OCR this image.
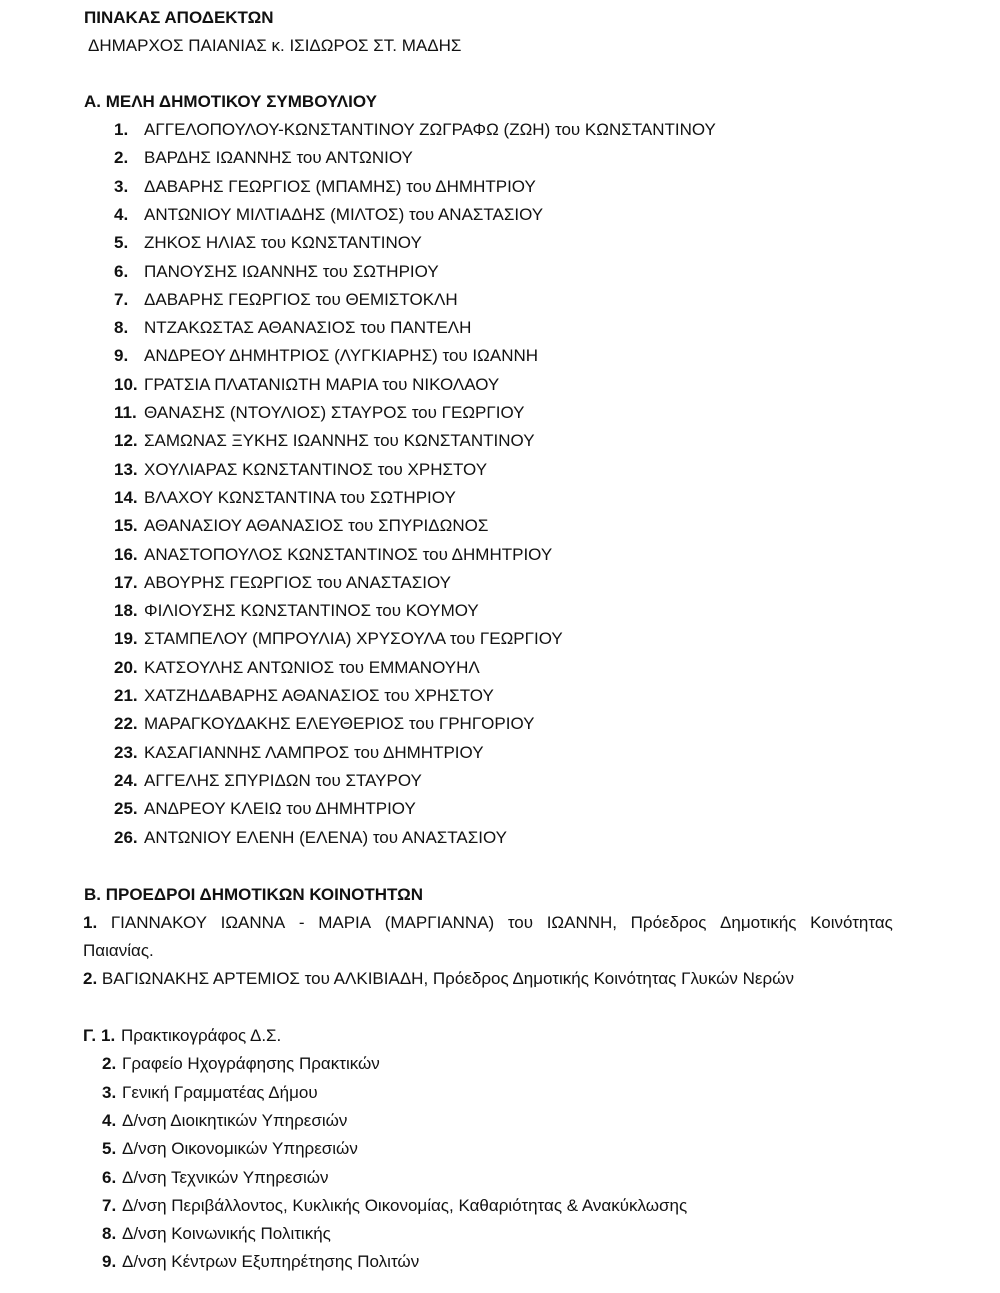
ΠΙΝΑΚΑΣ ΑΠΟΔΕΚΤΩΝ
ΔΗΜΑΡΧΟΣ ΠΑΙΑΝΙΑΣ κ. ΙΣΙΔΩΡΟΣ ΣΤ. ΜΑΔΗΣ
Α. ΜΕΛΗ ΔΗΜΟΤΙΚΟΥ ΣΥΜΒΟΥΛΙΟΥ
1. ΑΓΓΕΛΟΠΟΥΛΟΥ-ΚΩΝΣΤΑΝΤΙΝΟΥ ΖΩΓΡΑΦΩ (ΖΩΗ) του ΚΩΝΣΤΑΝΤΙΝΟΥ
2. ΒΑΡΔΗΣ ΙΩΑΝΝΗΣ του ΑΝΤΩΝΙΟΥ
3. ΔΑΒΑΡΗΣ ΓΕΩΡΓΙΟΣ (ΜΠΑΜΗΣ) του ΔΗΜΗΤΡΙΟΥ
4. ΑΝΤΩΝΙΟΥ ΜΙΛΤΙΑΔΗΣ (ΜΙΛΤΟΣ) του ΑΝΑΣΤΑΣΙΟΥ
5. ΖΗΚΟΣ ΗΛΙΑΣ του ΚΩΝΣΤΑΝΤΙΝΟΥ
6. ΠΑΝΟΥΣΗΣ ΙΩΑΝΝΗΣ του ΣΩΤΗΡΙΟΥ
7. ΔΑΒΑΡΗΣ ΓΕΩΡΓΙΟΣ του ΘΕΜΙΣΤΟΚΛΗ
8. ΝΤΖΑΚΩΣΤΑΣ ΑΘΑΝΑΣΙΟΣ του ΠΑΝΤΕΛΗ
9. ΑΝΔΡΕΟΥ ΔΗΜΗΤΡΙΟΣ (ΛΥΓΚΙΑΡΗΣ) του ΙΩΑΝΝΗ
10. ΓΡΑΤΣΙΑ ΠΛΑΤΑΝΙΩΤΗ ΜΑΡΙΑ του ΝΙΚΟΛΑΟΥ
11. ΘΑΝΑΣΗΣ (ΝΤΟΥΛΙΟΣ) ΣΤΑΥΡΟΣ του ΓΕΩΡΓΙΟΥ
12. ΣΑΜΩΝΑΣ ΞΥΚΗΣ ΙΩΑΝΝΗΣ του ΚΩΝΣΤΑΝΤΙΝΟΥ
13. ΧΟΥΛΙΑΡΑΣ ΚΩΝΣΤΑΝΤΙΝΟΣ του ΧΡΗΣΤΟΥ
14. ΒΛΑΧΟΥ ΚΩΝΣΤΑΝΤΙΝΑ του ΣΩΤΗΡΙΟΥ
15. ΑΘΑΝΑΣΙΟΥ ΑΘΑΝΑΣΙΟΣ του ΣΠΥΡΙΔΩΝΟΣ
16. ΑΝΑΣΤΟΠΟΥΛΟΣ ΚΩΝΣΤΑΝΤΙΝΟΣ του ΔΗΜΗΤΡΙΟΥ
17. ΑΒΟΥΡΗΣ ΓΕΩΡΓΙΟΣ του ΑΝΑΣΤΑΣΙΟΥ
18. ΦΙΛΙΟΥΣΗΣ ΚΩΝΣΤΑΝΤΙΝΟΣ του ΚΟΥΜΟΥ
19. ΣΤΑΜΠΕΛΟΥ (ΜΠΡΟΥΛΙΑ) ΧΡΥΣΟΥΛΑ του ΓΕΩΡΓΙΟΥ
20. ΚΑΤΣΟΥΛΗΣ ΑΝΤΩΝΙΟΣ του ΕΜΜΑΝΟΥΗΛ
21. ΧΑΤΖΗΔΑΒΑΡΗΣ ΑΘΑΝΑΣΙΟΣ του ΧΡΗΣΤΟΥ
22. ΜΑΡΑΓΚΟΥΔΑΚΗΣ ΕΛΕΥΘΕΡΙΟΣ του ΓΡΗΓΟΡΙΟΥ
23. ΚΑΣΑΓΙΑΝΝΗΣ ΛΑΜΠΡΟΣ του ΔΗΜΗΤΡΙΟΥ
24. ΑΓΓΕΛΗΣ ΣΠΥΡΙΔΩΝ του ΣΤΑΥΡΟΥ
25. ΑΝΔΡΕΟΥ ΚΛΕΙΩ του ΔΗΜΗΤΡΙΟΥ
26. ΑΝΤΩΝΙΟΥ ΕΛΕΝΗ (ΕΛΕΝΑ) του ΑΝΑΣΤΑΣΙΟΥ
Β. ΠΡΟΕΔΡΟΙ ΔΗΜΟΤΙΚΩΝ ΚΟΙΝΟΤΗΤΩΝ
1. ΓΙΑΝΝΑΚΟΥ ΙΩΑΝΝΑ - ΜΑΡΙΑ (ΜΑΡΓΙΑΝΝΑ) του ΙΩΑΝΝΗ, Πρόεδρος Δημοτικής Κοινότητας
Παιανίας.
2. ΒΑΓΙΩΝΑΚΗΣ ΑΡΤΕΜΙΟΣ του ΑΛΚΙΒΙΑΔΗ, Πρόεδρος Δημοτικής Κοινότητας Γλυκών Νερών
Γ. 1. Πρακτικογράφος Δ.Σ.
2. Γραφείο Ηχογράφησης Πρακτικών
3. Γενική Γραμματέας Δήμου
4. Δ/νση Διοικητικών Υπηρεσιών
5. Δ/νση Οικονομικών Υπηρεσιών
6. Δ/νση Τεχνικών Υπηρεσιών
7. Δ/νση Περιβάλλοντος, Κυκλικής Οικονομίας, Καθαριότητας & Ανακύκλωσης
8. Δ/νση Κοινωνικής Πολιτικής
9. Δ/νση Κέντρων Εξυπηρέτησης Πολιτών
